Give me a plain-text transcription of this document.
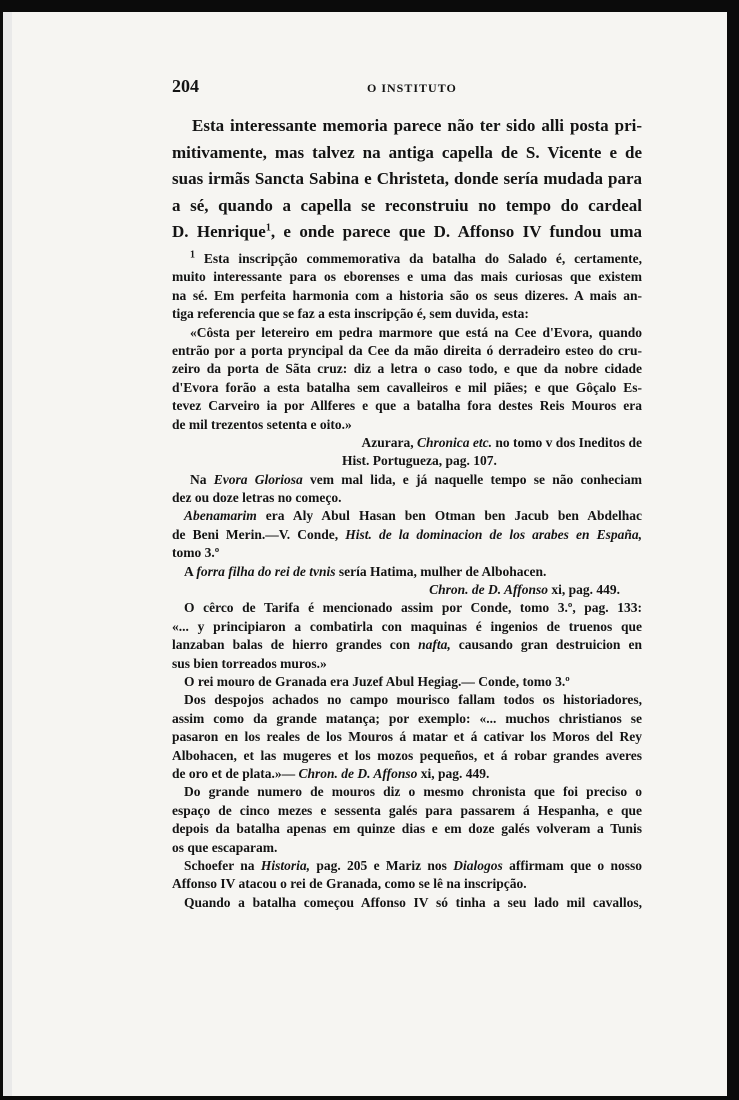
204	O INSTITUTO
Esta interessante memoria parece não ter sido alli posta pri-
mitivamente, mas talvez na antiga capella de S. Vicente e de
suas irmãs Sancta Sabina e Christeta, donde sería mudada para
a sé, quando a capella se reconstruiu no tempo do cardeal
D. Henrique$^1$, e onde parece que D. Affonso IV fundou uma
$^1$ Esta inscripção commemorativa da batalha do Salado é, certamente,
muito interessante para os eborenses e uma das mais curiosas que existem
na sé. Em perfeita harmonia com a historia são os seus dizeres. A mais an-
tiga referencia que se faz a esta inscripção é, sem duvida, esta:
«Côsta per letereiro em pedra marmore que está na Cee d'Evora, quando
entrão por a porta pryncipal da Cee da mão direita ó derradeiro esteo do cru-
zeiro da porta de Sãta cruz: diz a letra o caso todo, e que da nobre cidade
d'Evora forão a esta batalha sem cavalleiros e mil piães; e que Gôçalo Es-
tevez Carveiro ia por Allferes e que a batalha fora destes Reis Mouros era
de mil trezentos setenta e oito.»
Azurara, Chronica etc. no tomo v dos Ineditos de
Hist. Portugueza, pag. 107.
Na Evora Gloriosa vem mal lida, e já naquelle tempo se não conheciam
dez ou doze letras no começo.
Abenamarim era Aly Abul Hasan ben Otman ben Jacub ben Abdelhac
de Beni Merin.—V. Conde, Hist. de la dominacion de los arabes en España,
tomo 3.º
A forra filha do rei de tvnis sería Hatima, mulher de Albohacen.
Chron. de D. Affonso xi, pag. 449.
O cêrco de Tarifa é mencionado assim por Conde, tomo 3.º, pag. 133:
«... y principiaron a combatirla con maquinas é ingenios de truenos que
lanzaban balas de hierro grandes con nafta, causando gran destruicion en
sus bien torreados muros.»
O rei mouro de Granada era Juzef Abul Hegiag.— Conde, tomo 3.º
Dos despojos achados no campo mourisco fallam todos os historiadores,
assim como da grande matança; por exemplo: «... muchos christianos se
pasaron en los reales de los Mouros á matar et á cativar los Moros del Rey
Albohacen, et las mugeres et los mozos pequeños, et á robar grandes averes
de oro et de plata.»— Chron. de D. Affonso xi, pag. 449.
Do grande numero de mouros diz o mesmo chronista que foi preciso o
espaço de cinco mezes e sessenta galés para passarem á Hespanha, e que
depois da batalha apenas em quinze dias e em doze galés volveram a Tunis
os que escaparam.
Schoefer na Historia, pag. 205 e Mariz nos Dialogos affirmam que o nosso
Affonso IV atacou o rei de Granada, como se lê na inscripção.
Quando a batalha começou Affonso IV só tinha a seu lado mil cavallos,
